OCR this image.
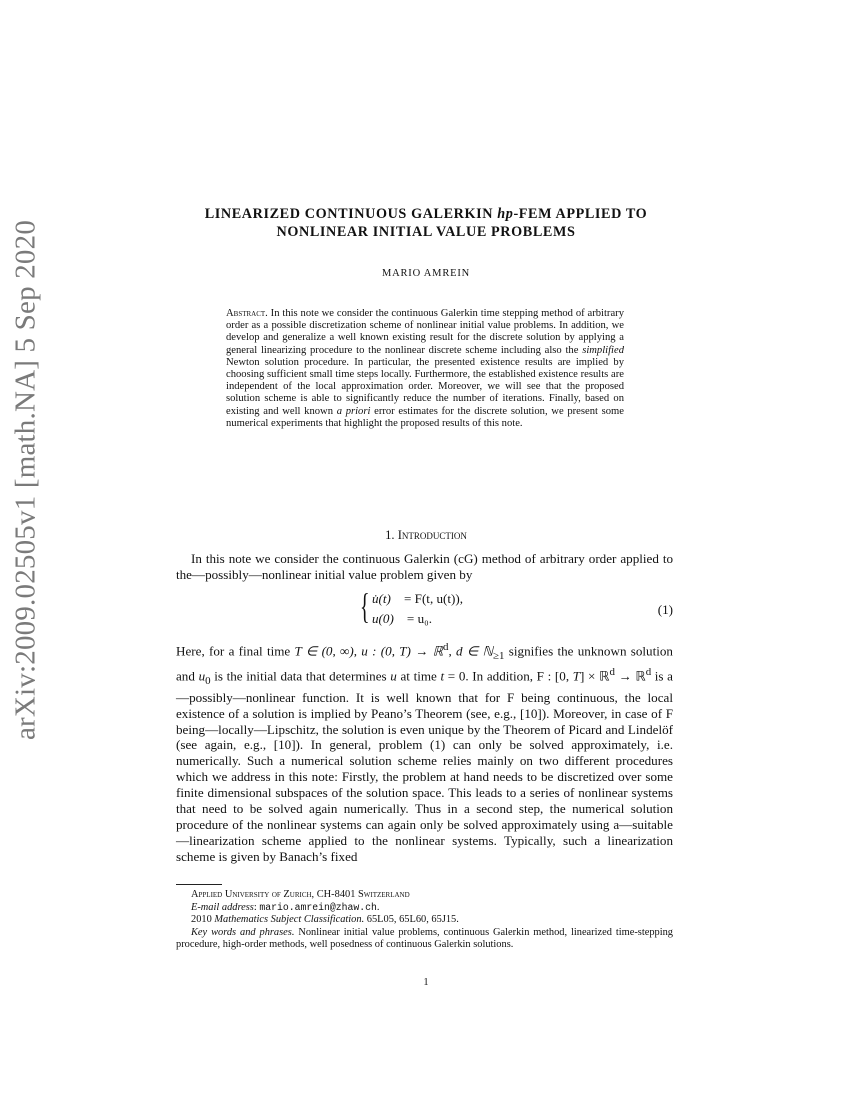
arXiv:2009.02505v1 [math.NA] 5 Sep 2020
LINEARIZED CONTINUOUS GALERKIN hp-FEM APPLIED TO NONLINEAR INITIAL VALUE PROBLEMS
MARIO AMREIN
Abstract. In this note we consider the continuous Galerkin time stepping method of arbitrary order as a possible discretization scheme of nonlinear initial value problems. In addition, we develop and generalize a well known existing result for the discrete solution by applying a general linearizing procedure to the nonlinear discrete scheme including also the simplified Newton solution procedure. In particular, the presented existence results are implied by choosing sufficient small time steps locally. Furthermore, the established existence results are independent of the local approximation order. Moreover, we will see that the proposed solution scheme is able to significantly reduce the number of iterations. Finally, based on existing and well known a priori error estimates for the discrete solution, we present some numerical experiments that highlight the proposed results of this note.
1. Introduction
In this note we consider the continuous Galerkin (cG) method of arbitrary order applied to the—possibly—nonlinear initial value problem given by
{ u̇(t)  = F(t, u(t)),
u(0)  = u₀.
(1)
Here, for a final time T ∈ (0, ∞), u : (0, T) → ℝ$^d$, d ∈ ℕ$_{\ge 1}$ signifies the unknown solution and $u_0$ is the initial data that determines u at time t = 0. In addition, F : [0, T] × ℝ$^d$ → ℝ$^d$ is a—possibly—nonlinear function. It is well known that for F being continuous, the local existence of a solution is implied by Peano’s Theorem (see, e.g., [10]). Moreover, in case of F being—locally—Lipschitz, the solution is even unique by the Theorem of Picard and Lindelöf (see again, e.g., [10]). In general, problem (1) can only be solved approximately, i.e. numerically. Such a numerical solution scheme relies mainly on two different procedures which we address in this note: Firstly, the problem at hand needs to be discretized over some finite dimensional subspaces of the solution space. This leads to a series of nonlinear systems that need to be solved again numerically. Thus in a second step, the numerical solution procedure of the nonlinear systems can again only be solved approximately using a—suitable—linearization scheme applied to the nonlinear systems. Typically, such a linearization scheme is given by Banach’s fixed
Applied University of Zurich, CH-8401 Switzerland
E-mail address: mario.amrein@zhaw.ch.
2010 Mathematics Subject Classification. 65L05, 65L60, 65J15.
Key words and phrases. Nonlinear initial value problems, continuous Galerkin method, linearized time-stepping procedure, high-order methods, well posedness of continuous Galerkin solutions.
1
